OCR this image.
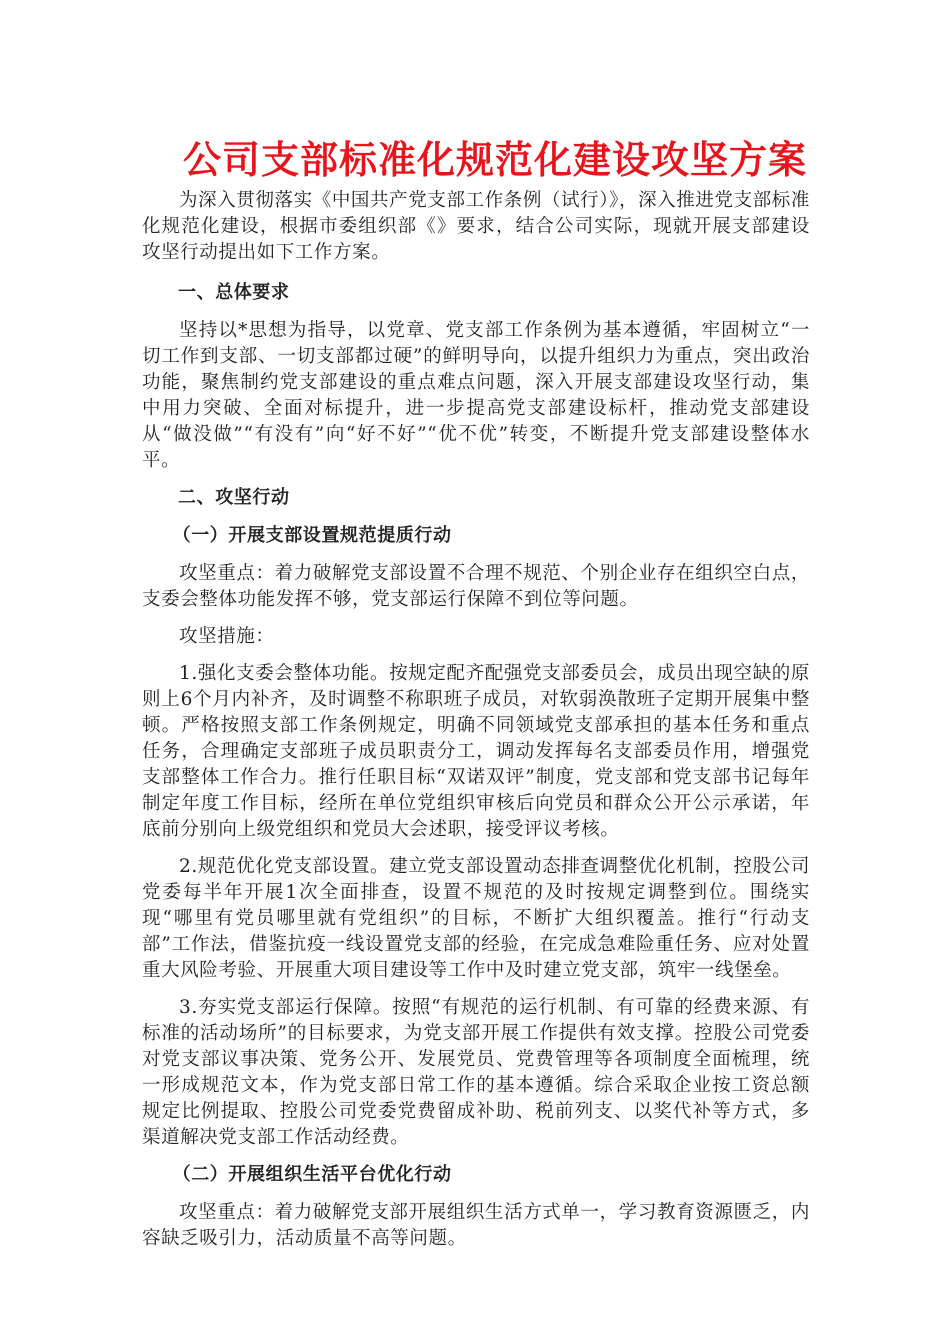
公司支部标准化规范化建设攻坚方案

为深入贯彻落实《中国共产党支部工作条例（试行）》，深入推进党支部标准化规范化建设，根据市委组织部《》要求，结合公司实际，现就开展支部建设攻坚行动提出如下工作方案。

一、总体要求

坚持以*思想为指导，以党章、党支部工作条例为基本遵循，牢固树立“一切工作到支部、一切支部都过硬”的鲜明导向，以提升组织力为重点，突出政治功能，聚焦制约党支部建设的重点难点问题，深入开展支部建设攻坚行动，集中用力突破、全面对标提升，进一步提高党支部建设标杆，推动党支部建设从“做没做”“有没有”向“好不好”“优不优”转变，不断提升党支部建设整体水平。

二、攻坚行动
（一）开展支部设置规范提质行动

攻坚重点：着力破解党支部设置不合理不规范、个别企业存在组织空白点，支委会整体功能发挥不够，党支部运行保障不到位等问题。

攻坚措施：

1.强化支委会整体功能。按规定配齐配强党支部委员会，成员出现空缺的原则上6个月内补齐，及时调整不称职班子成员，对软弱涣散班子定期开展集中整顿。严格按照支部工作条例规定，明确不同领域党支部承担的基本任务和重点任务，合理确定支部班子成员职责分工，调动发挥每名支部委员作用，增强党支部整体工作合力。推行任职目标“双诺双评”制度，党支部和党支部书记每年制定年度工作目标，经所在单位党组织审核后向党员和群众公开公示承诺，年底前分别向上级党组织和党员大会述职，接受评议考核。

2.规范优化党支部设置。建立党支部设置动态排查调整优化机制，控股公司党委每半年开展1次全面排查，设置不规范的及时按规定调整到位。围绕实现“哪里有党员哪里就有党组织”的目标，不断扩大组织覆盖。推行“行动支部”工作法，借鉴抗疫一线设置党支部的经验，在完成急难险重任务、应对处置重大风险考验、开展重大项目建设等工作中及时建立党支部，筑牢一线堡垒。

3.夯实党支部运行保障。按照“有规范的运行机制、有可靠的经费来源、有标准的活动场所”的目标要求，为党支部开展工作提供有效支撑。控股公司党委对党支部议事决策、党务公开、发展党员、党费管理等各项制度全面梳理，统一形成规范文本，作为党支部日常工作的基本遵循。综合采取企业按工资总额规定比例提取、控股公司党委党费留成补助、税前列支、以奖代补等方式，多渠道解决党支部工作活动经费。

（二）开展组织生活平台优化行动

攻坚重点：着力破解党支部开展组织生活方式单一，学习教育资源匮乏，内容缺乏吸引力，活动质量不高等问题。
